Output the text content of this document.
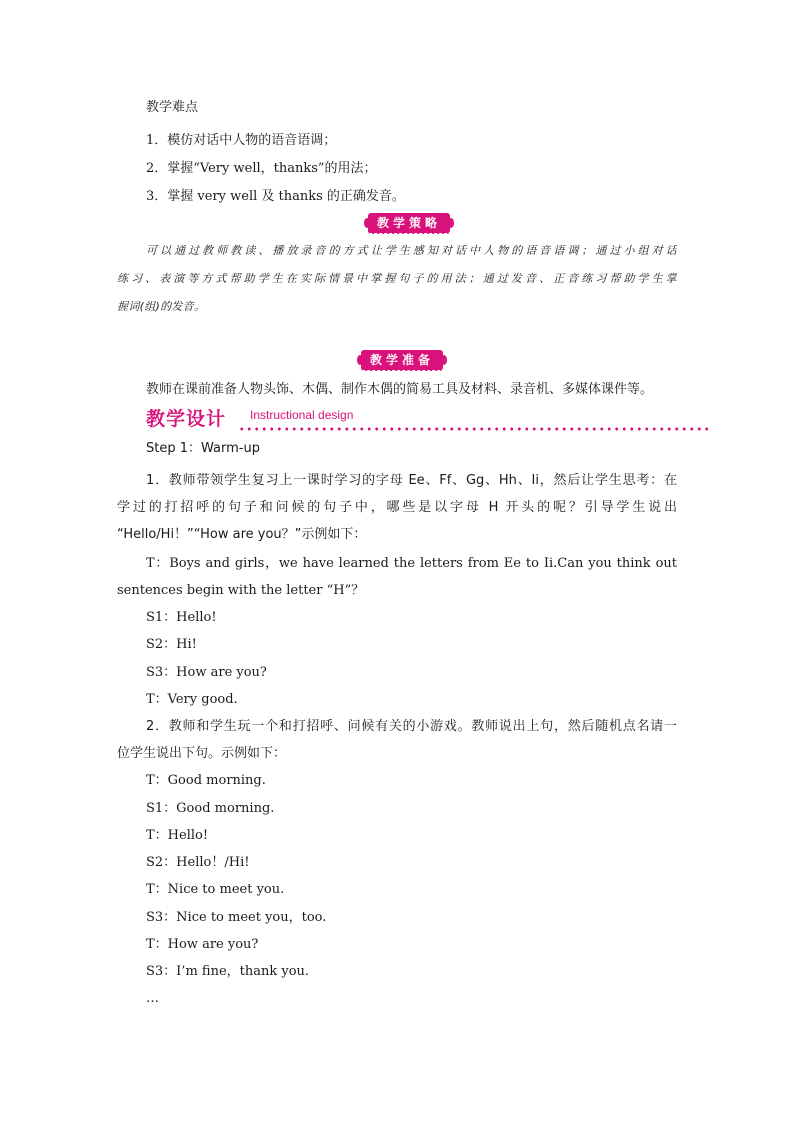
教学难点
1．模仿对话中人物的语音语调；
2．掌握“Very well，thanks”的用法；
3．掌握 very well 及 thanks 的正确发音。
教学策略
可以通过教师教读、播放录音的方式让学生感知对话中人物的语音语调；通过小组对话
练习、表演等方式帮助学生在实际情景中掌握句子的用法；通过发音、正音练习帮助学生掌
握词(组)的发音。
教学准备
教师在课前准备人物头饰、木偶、制作木偶的简易工具及材料、录音机、多媒体课件等。
教学设计 Instructional design
Step 1：Warm-up
1．教师带领学生复习上一课时学习的字母 Ee、Ff、Gg、Hh、Ii，然后让学生思考：在
学过的打招呼的句子和问候的句子中，哪些是以字母 H 开头的呢？引导学生说出
“Hello/Hi！”“How are you？”示例如下：
T：Boys and girls，we have learned the letters from Ee to Ii.Can you think out
sentences begin with the letter “H”？
S1：Hello!
S2：Hi!
S3：How are you?
T：Very good.
2．教师和学生玩一个和打招呼、问候有关的小游戏。教师说出上句，然后随机点名请一
位学生说出下句。示例如下：
T：Good morning.
S1：Good morning.
T：Hello!
S2：Hello！/Hi!
T：Nice to meet you.
S3：Nice to meet you，too.
T：How are you?
S3：I’m fine，thank you.
…
